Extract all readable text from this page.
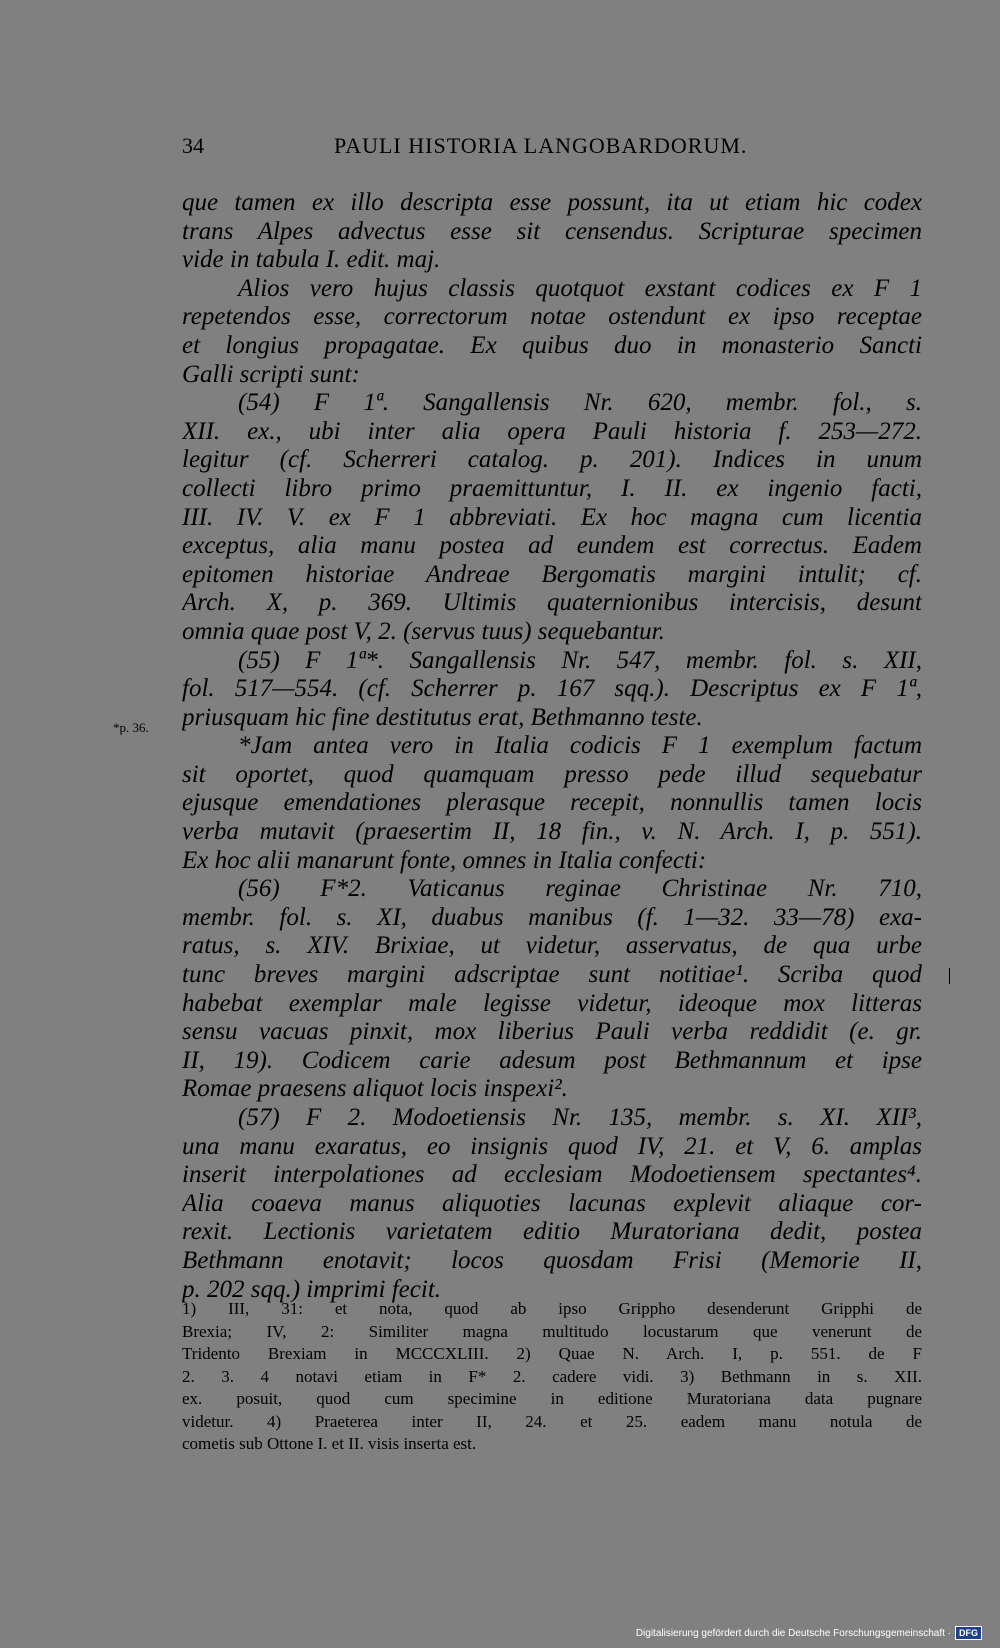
34	PAULI HISTORIA LANGOBARDORUM.
*p. 36.
que tamen ex illo descripta esse possunt, ita ut etiam hic codex
trans Alpes advectus esse sit censendus. Scripturae specimen
vide in tabula I. edit. maj.
Alios vero hujus classis quotquot exstant codices ex F 1
repetendos esse, correctorum notae ostendunt ex ipso receptae
et longius propagatae. Ex quibus duo in monasterio Sancti
Galli scripti sunt:
(54) F 1ª. Sangallensis Nr. 620, membr. fol., s.
XII. ex., ubi inter alia opera Pauli historia f. 253—272.
legitur (cf. Scherreri catalog. p. 201). Indices in unum
collecti libro primo praemittuntur, I. II. ex ingenio facti,
III. IV. V. ex F 1 abbreviati. Ex hoc magna cum licentia
exceptus, alia manu postea ad eundem est correctus. Eadem
epitomen historiae Andreae Bergomatis margini intulit; cf.
Arch. X, p. 369. Ultimis quaternionibus intercisis, desunt
omnia quae post V, 2. (servus tuus) sequebantur.
(55) F 1ª*. Sangallensis Nr. 547, membr. fol. s. XII,
fol. 517—554. (cf. Scherrer p. 167 sqq.). Descriptus ex F 1ª,
priusquam hic fine destitutus erat, Bethmanno teste.
*Jam antea vero in Italia codicis F 1 exemplum factum
sit oportet, quod quamquam presso pede illud sequebatur
ejusque emendationes plerasque recepit, nonnullis tamen locis
verba mutavit (praesertim II, 18 fin., v. N. Arch. I, p. 551).
Ex hoc alii manarunt fonte, omnes in Italia confecti:
(56) F*2. Vaticanus reginae Christinae Nr. 710,
membr. fol. s. XI, duabus manibus (f. 1—32. 33—78) exa-
ratus, s. XIV. Brixiae, ut videtur, asservatus, de qua urbe
tunc breves margini adscriptae sunt notitiae¹. Scriba quod
habebat exemplar male legisse videtur, ideoque mox litteras
sensu vacuas pinxit, mox liberius Pauli verba reddidit (e. gr.
II, 19). Codicem carie adesum post Bethmannum et ipse
Romae praesens aliquot locis inspexi².
(57) F 2. Modoetiensis Nr. 135, membr. s. XI. XII³,
una manu exaratus, eo insignis quod IV, 21. et V, 6. amplas
inserit interpolationes ad ecclesiam Modoetiensem spectantes⁴.
Alia coaeva manus aliquoties lacunas explevit aliaque cor-
rexit. Lectionis varietatem editio Muratoriana dedit, postea
Bethmann enotavit; locos quosdam Frisi (Memorie II,
p. 202 sqq.) imprimi fecit.
1) III, 31: et nota, quod ab ipso Grippho desenderunt Gripphi de
Brexia; IV, 2: Similiter magna multitudo locustarum que venerunt de
Tridento Brexiam in MCCCXLIII. 2) Quae N. Arch. I, p. 551. de F
2. 3. 4 notavi etiam in F* 2. cadere vidi. 3) Bethmann in s. XII.
ex. posuit, quod cum specimine in editione Muratoriana data pugnare
videtur. 4) Praeterea inter II, 24. et 25. eadem manu notula de
cometis sub Ottone I. et II. visis inserta est.
Digitalisierung gefördert durch die Deutsche Forschungsgemeinschaft · DFG
